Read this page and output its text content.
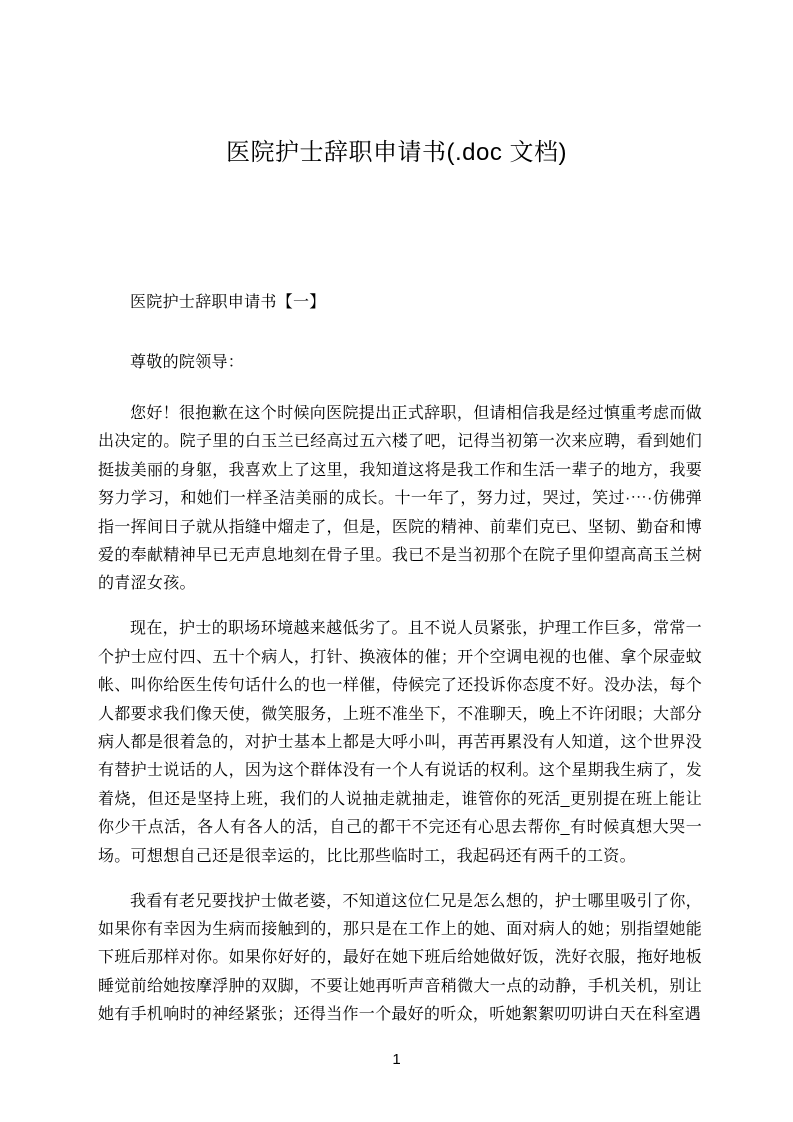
医院护士辞职申请书(.doc 文档)
医院护士辞职申请书【一】
尊敬的院领导：

您好！很抱歉在这个时候向医院提出正式辞职，但请相信我是经过慎重考虑而做出决定的。院子里的白玉兰已经高过五六楼了吧，记得当初第一次来应聘，看到她们挺拔美丽的身躯，我喜欢上了这里，我知道这将是我工作和生活一辈子的地方，我要努力学习，和她们一样圣洁美丽的成长。十一年了，努力过，哭过，笑过·⋯·仿佛弹指一挥间日子就从指缝中熘走了，但是，医院的精神、前辈们克已、坚韧、勤奋和博爱的奉献精神早已无声息地刻在骨子里。我已不是当初那个在院子里仰望高高玉兰树的青涩女孩。

现在，护士的职场环境越来越低劣了。且不说人员紧张，护理工作巨多，常常一个护士应付四、五十个病人，打针、换液体的催；开个空调电视的也催、拿个尿壶蚊帐、叫你给医生传句话什么的也一样催，侍候完了还投诉你态度不好。没办法，每个人都要求我们像天使，微笑服务，上班不准坐下，不准聊天，晚上不许闭眼；大部分病人都是很着急的，对护士基本上都是大呼小叫，再苦再累没有人知道，这个世界没有替护士说话的人，因为这个群体没有一个人有说话的权利。这个星期我生病了，发着烧，但还是坚持上班，我们的人说抽走就抽走，谁管你的死活_更别提在班上能让你少干点活，各人有各人的活，自己的都干不完还有心思去帮你_有时候真想大哭一场。可想想自己还是很幸运的，比比那些临时工，我起码还有两千的工资。

我看有老兄要找护士做老婆，不知道这位仁兄是怎么想的，护士哪里吸引了你，如果你有幸因为生病而接触到的，那只是在工作上的她、面对病人的她；别指望她能下班后那样对你。如果你好好的，最好在她下班后给她做好饭，洗好衣服，拖好地板睡觉前给她按摩浮肿的双脚，不要让她再听声音稍微大一点的动静，手机关机，别让她有手机响时的神经紧张；还得当作一个最好的听众，听她絮絮叨叨讲白天在科室遇

1
